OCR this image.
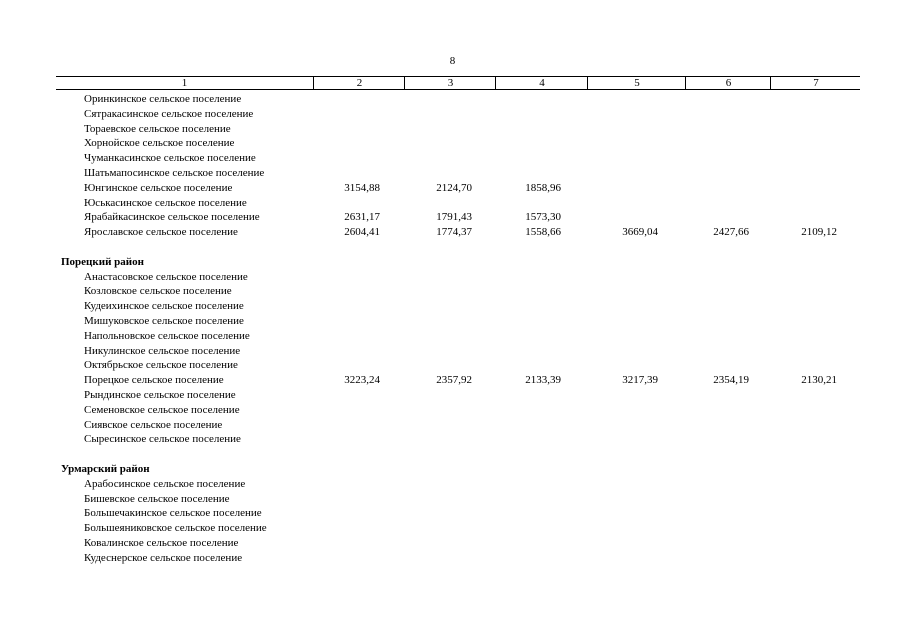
8
1	2	3	4	5	6	7
Оринкинское сельское поселение
Сятракасинское сельское поселение
Тораевское сельское поселение
Хорнойское сельское поселение
Чуманкасинское сельское поселение
Шатьмапосинское сельское поселение
Юнгинское сельское поселение	3154,88	2124,70	1858,96
Юськасинское сельское поселение
Ярабайкасинское сельское поселение	2631,17	1791,43	1573,30
Ярославское сельское поселение	2604,41	1774,37	1558,66	3669,04	2427,66	2109,12
Порецкий район
Анастасовское сельское поселение
Козловское сельское поселение
Кудеихинское сельское поселение
Мишуковское сельское поселение
Напольновское сельское поселение
Никулинское сельское поселение
Октябрьское сельское поселение
Порецкое сельское поселение	3223,24	2357,92	2133,39	3217,39	2354,19	2130,21
Рындинское сельское поселение
Семеновское сельское поселение
Сиявское сельское поселение
Сыресинское сельское поселение
Урмарский район
Арабосинское сельское поселение
Бишевское сельское поселение
Большечакинское сельское поселение
Большеяниковское сельское поселение
Ковалинское сельское поселение
Кудеснерское сельское поселение
